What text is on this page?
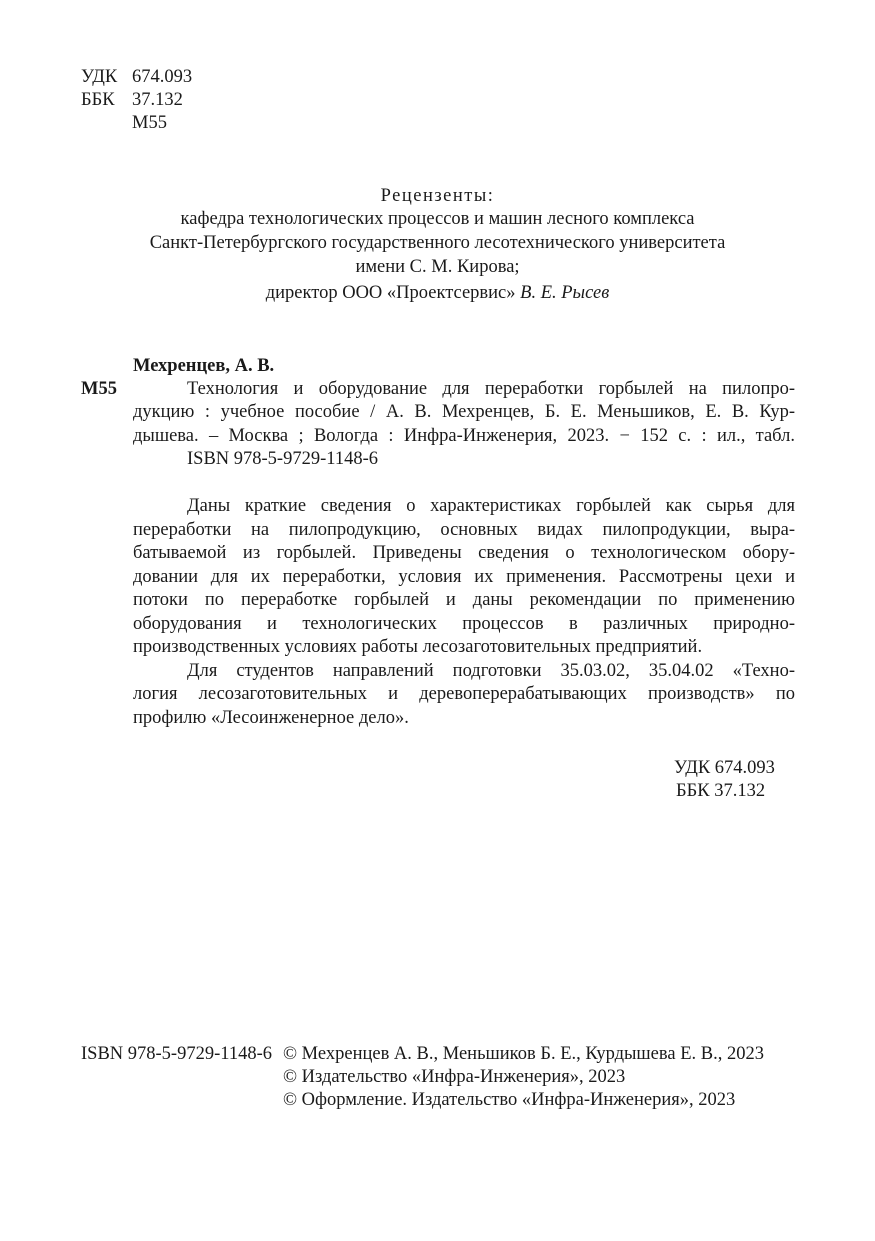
УДК 674.093
ББК 37.132
М55
Рецензенты:
кафедра технологических процессов и машин лесного комплекса
Санкт-Петербургского государственного лесотехнического университета
имени С. М. Кирова;
директор ООО «Проектсервис» В. Е. Рысев
Мехренцев, А. В.
М55	Технология и оборудование для переработки горбылей на пилопро-
дукцию : учебное пособие / А. В. Мехренцев, Б. Е. Меньшиков, Е. В. Кур-
дышева. – Москва ; Вологда : Инфра-Инженерия, 2023. − 152 с. : ил., табл.
ISBN 978-5-9729-1148-6
Даны краткие сведения о характеристиках горбылей как сырья для
переработки на пилопродукцию, основных видах пилопродукции, выра-
батываемой из горбылей. Приведены сведения о технологическом обору-
довании для их переработки, условия их применения. Рассмотрены цехи и
потоки по переработке горбылей и даны рекомендации по применению
оборудования и технологических процессов в различных природно-
производственных условиях работы лесозаготовительных предприятий.
Для студентов направлений подготовки 35.03.02, 35.04.02 «Техно-
логия лесозаготовительных и деревоперерабатывающих производств» по
профилю «Лесоинженерное дело».
УДК 674.093
ББК 37.132
ISBN 978-5-9729-1148-6 © Мехренцев А. В., Меньшиков Б. Е., Курдышева Е. В., 2023
© Издательство «Инфра-Инженерия», 2023
© Оформление. Издательство «Инфра-Инженерия», 2023
